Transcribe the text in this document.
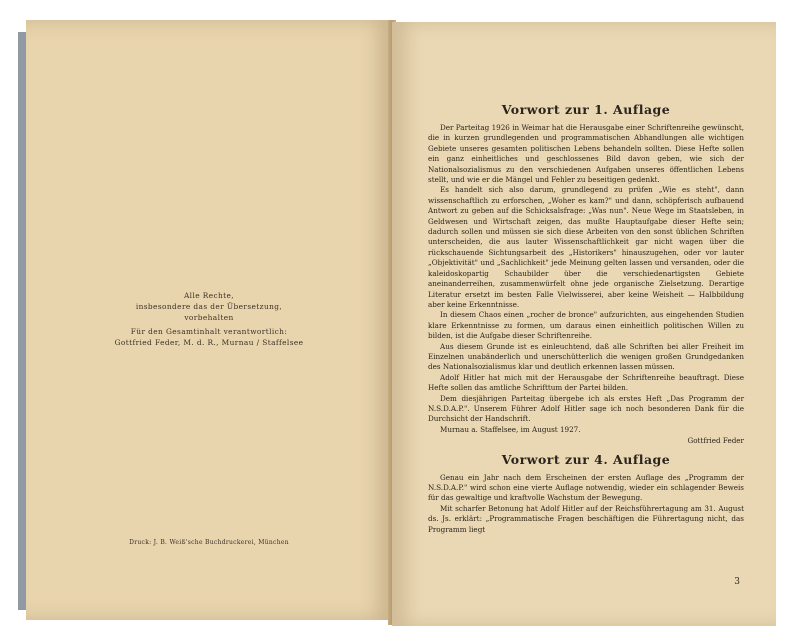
Alle Rechte,
insbesondere das der Übersetzung,
vorbehalten
Für den Gesamtinhalt verantwortlich:
Gottfried Feder, M. d. R., Murnau / Staffelsee
Druck: J. B. Weiß'sche Buchdruckerei, München
Vorwort zur 1. Auflage

Der Parteitag 1926 in Weimar hat die Herausgabe einer Schriftenreihe gewünscht, die in kurzen grundlegenden und programmatischen Abhandlungen alle wichtigen Gebiete unseres gesamten politischen Lebens behandeln sollten. Diese Hefte sollen ein ganz einheitliches und geschlossenes Bild davon geben, wie sich der Nationalsozialismus zu den verschiedenen Aufgaben unseres öffentlichen Lebens stellt, und wie er die Mängel und Fehler zu beseitigen gedenkt.

Es handelt sich also darum, grundlegend zu prüfen „Wie es steht", dann wissenschaftlich zu erforschen, „Woher es kam?" und dann, schöpferisch aufbauend Antwort zu geben auf die Schicksalsfrage: „Was nun". Neue Wege im Staatsleben, in Geldwesen und Wirtschaft zeigen, das mußte Hauptaufgabe dieser Hefte sein; dadurch sollen und müssen sie sich diese Arbeiten von den sonst üblichen Schriften unterscheiden, die aus lauter Wissenschaftlichkeit gar nicht wagen über die rückschauende Sichtungsarbeit des „Historikers" hinauszugehen, oder vor lauter „Objektivität" und „Sachlichkeit" jede Meinung gelten lassen und versanden, oder die kaleidoskopartig Schaubilder über die verschiedenartigsten Gebiete aneinanderreihen, zusammenwürfelt ohne jede organische Zielsetzung. Derartige Literatur ersetzt im besten Falle Vielwisserei, aber keine Weisheit — Halbbildung aber keine Erkenntnisse.

In diesem Chaos einen „rocher de bronce" aufzurichten, aus eingehenden Studien klare Erkenntnisse zu formen, um daraus einen einheitlich politischen Willen zu bilden, ist die Aufgabe dieser Schriftenreihe.

Aus diesem Grunde ist es einleuchtend, daß alle Schriften bei aller Freiheit im Einzelnen unabänderlich und unerschütterlich die wenigen großen Grundgedanken des Nationalsozialismus klar und deutlich erkennen lassen müssen.

Adolf Hitler hat mich mit der Herausgabe der Schriftenreihe beauftragt. Diese Hefte sollen das amtliche Schrifttum der Partei bilden.

Dem diesjährigen Parteitag übergebe ich als erstes Heft „Das Programm der N.S.D.A.P.". Unserem Führer Adolf Hitler sage ich noch besonderen Dank für die Durchsicht der Handschrift.

Murnau a. Staffelsee, im August 1927.

Gottfried Feder
Vorwort zur 4. Auflage

Genau ein Jahr nach dem Erscheinen der ersten Auflage des „Programm der N.S.D.A.P." wird schon eine vierte Auflage notwendig, wieder ein schlagender Beweis für das gewaltige und kraftvolle Wachstum der Bewegung.

Mit scharfer Betonung hat Adolf Hitler auf der Reichsführertagung am 31. August ds. Js. erklärt: „Programmatische Fragen beschäftigen die Führertagung nicht, das Programm liegt

3
